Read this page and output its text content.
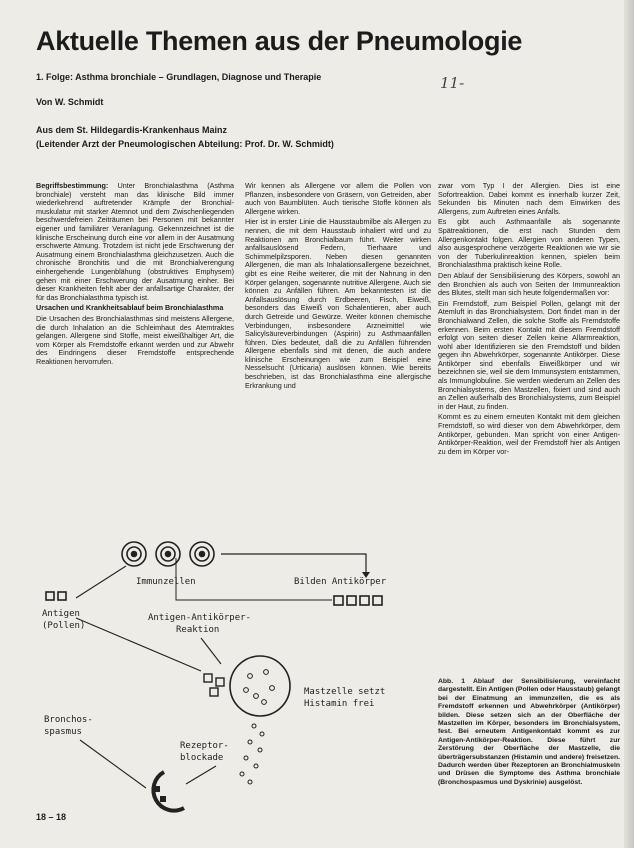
Aktuelle Themen aus der Pneumologie
1. Folge: Asthma bronchiale – Grundlagen, Diagnose und Therapie	11-
Von W. Schmidt
Aus dem St. Hildegardis-Krankenhaus Mainz
(Leitender Arzt der Pneumologischen Abteilung: Prof. Dr. W. Schmidt)

Begriffsbestimmung: Unter Bronchialasthma (Asthma bronchiale) versteht man das klinische Bild immer wiederkehrend auftretender Krämpfe der Bronchial-muskulatur mit starker Atemnot und dem Zwischenliegenden beschwerdefreien Zeiträumen bei Personen mit bekannter eigener und familiärer Veranlagung. Gekennzeichnet ist die klinische Erscheinung durch eine vor allem in der Ausatmung erschwerte Atmung. Trotzdem ist nicht jede Erschwerung der Ausatmung einem Bronchialasthma gleichzusetzen. Auch die chronische Bronchitis und die mit Bronchialverengung einhergehende Lungenblähung (obstruktives Emphysem) gehen mit einer Erschwerung der Ausatmung einher. Bei dieser Krankheiten fehlt aber der anfallsartige Charakter, der für das Bronchialasthma typisch ist.

Ursachen und Krankheitsablauf beim Bronchialasthma

Die Ursachen des Bronchialasthmas sind meistens Allergene, die durch Inhalation an die Schleimhaut des Atemtraktes gelangen. Allergene sind Stoffe, meist eiweißhaltiger Art, die vom Körper als Fremdstoffe erkannt werden und zur Abwehr des Eindringens dieser Fremdstoffe entsprechende Reaktionen hervorrufen.

Wir kennen als Allergene vor allem die Pollen von Pflanzen, insbesondere von Gräsern, von Getreiden, aber auch von Baumblüten. Auch tierische Stoffe können als Allergene wirken.

Hier ist in erster Linie die Hausstaubmilbe als Allergen zu nennen, die mit dem Hausstaub inhaliert wird und zu Reaktionen am Bronchialbaum führt. Weiter wirken anfallsauslösend Federn, Tierhaare und Schimmelpilzsporen. Neben diesen genannten Allergenen, die man als Inhalationsallergene bezeichnet, gibt es eine Reihe weiterer, die mit der Nahrung in den Körper gelangen, sogenannte nutritive Allergene. Auch sie können zu Anfällen führen. Am bekanntesten ist die Anfallsauslösung durch Erdbeeren, Fisch, Eiweiß, besonders das Eiweiß von Schalentieren, aber auch durch Getreide und Gewürze. Weiter können chemische Verbindungen, insbesondere Arzneimittel wie Salicylsäureverbindungen (Aspirin) zu Asthmaanfällen führen. Dies bedeutet, daß die zu Anfällen führenden Allergene ebenfalls sind mit denen, die auch andere klinische Erscheinungen wie zum Beispiel eine Nesselsucht (Urticaria) auslösen können. Wie bereits beschrieben, ist das Bronchialasthma eine allergische Erkrankung und

zwar vom Typ I der Allergien. Dies ist eine Sofortreaktion. Dabei kommt es innerhalb kurzer Zeit, Sekunden bis Minuten nach dem Einwirken des Allergens, zum Auftreten eines Anfalls.

Es gibt auch Asthmaanfälle als sogenannte Spätreaktionen, die erst nach Stunden dem Allergenkontakt folgen. Allergien von anderen Typen, also ausgesprochene verzögerte Reaktionen wie wir sie von der Tuberkulinreaktion kennen, spielen beim Bronchialasthma praktisch keine Rolle.

Den Ablauf der Sensibilisierung des Körpers, sowohl an den Bronchien als auch von Seiten der Immunreaktion des Blutes, stellt man sich heute folgendermaßen vor:

Ein Fremdstoff, zum Beispiel Pollen, gelangt mit der Atemluft in das Bronchialsystem. Dort findet man in der Bronchialwand Zellen, die solche Stoffe als Fremdstoffe erkennen. Beim ersten Kontakt mit diesem Fremdstoff erfolgt von seiten dieser Zellen keine Allarmreaktion, wohl aber Identifizieren sie den Fremdstoff und bilden gegen ihn Abwehrkörper, sogenannte Antikörper. Diese Antikörper sind ebenfalls Eiweißkörper und wir bezeichnen sie, weil sie dem Immunsystem entstammen, als Immunglobuline. Sie werden wiederum an Zellen des Bronchialsystems, den Mastzellen, fixiert und sind auch an Zellen außerhalb des Bronchialsystems, zum Beispiel in der Haut, zu finden.

Kommt es zu einem erneuten Kontakt mit dem gleichen Fremdstoff, so wird dieser von dem Abwehrkörper, dem Antikörper, gebunden. Man spricht von einer Antigen-Antikörper-Reaktion, weil der Fremdstoff hier als Antigen zu dem im Körper vor-

Immunzellen	Bilden Antikörper
Antigen
(Pollen)
Antigen-Antikörper-
Reaktion
Mastzelle setzt
Histamin frei
Rezeptor-
blockade
Bronchos-
spasmus
Abb. 1 Ablauf der Sensibilisierung, vereinfacht dargestellt. Ein Antigen (Pollen oder Hausstaub) gelangt bei der Einatmung an immunzellen, die es als Fremdstoff erkennen und Abwehrkörper (Antikörper) bilden. Diese setzen sich an der Oberfläche der Mastzellen im Körper, besonders im Bronchialsystem, fest. Bei erneutem Antigenkontakt kommt es zur Antigen-Antikörper-Reaktion. Diese führt zur Zerstörung der Oberfläche der Mastzelle, die überträgersubstanzen (Histamin und andere) freisetzen. Dadurch werden über Rezeptoren an Bronchialmuskeln und Drüsen die Symptome des Asthma bronchiale (Bronchospasmus und Dyskrinie) ausgelöst.
18 – 18
